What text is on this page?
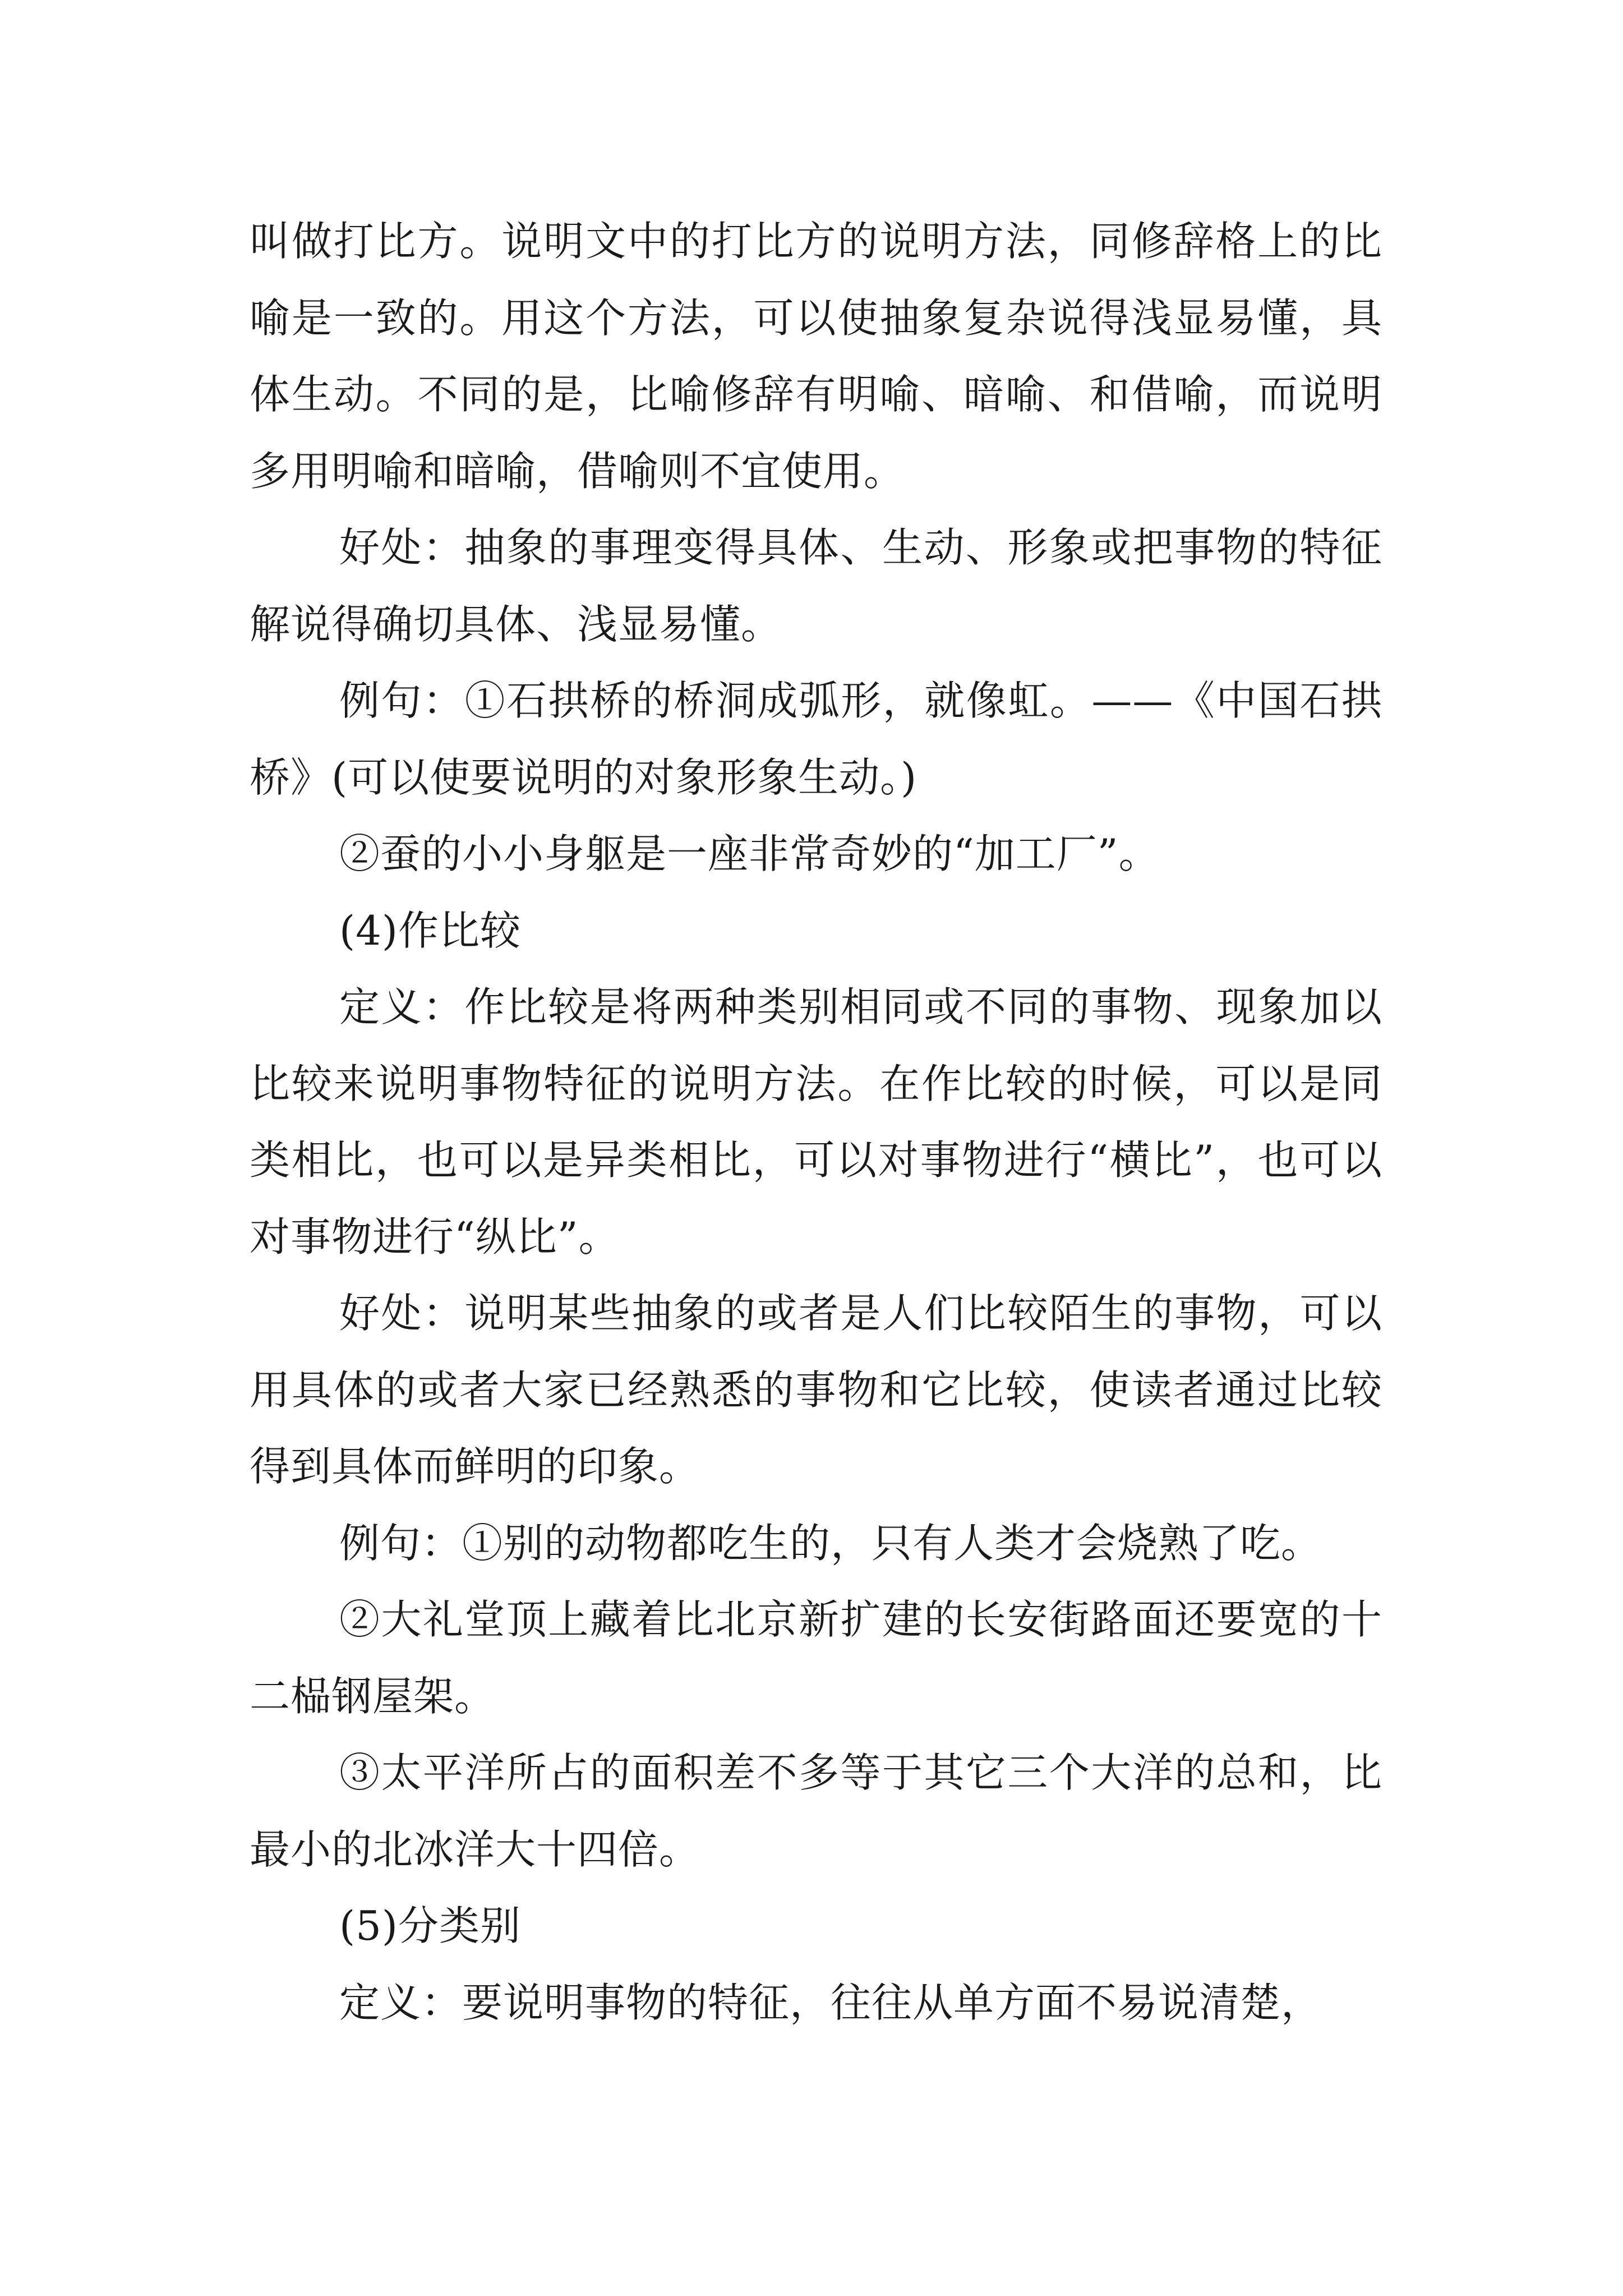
叫做打比方。说明文中的打比方的说明方法，同修辞格上的比喻是一致的。用这个方法，可以使抽象复杂说得浅显易懂，具体生动。不同的是，比喻修辞有明喻、暗喻、和借喻，而说明多用明喻和暗喻，借喻则不宜使用。

好处：抽象的事理变得具体、生动、形象或把事物的特征解说得确切具体、浅显易懂。

例句：①石拱桥的桥洞成弧形，就像虹。——《中国石拱桥》(可以使要说明的对象形象生动。)

②蚕的小小身躯是一座非常奇妙的“加工厂”。

(4)作比较

定义：作比较是将两种类别相同或不同的事物、现象加以比较来说明事物特征的说明方法。在作比较的时候，可以是同类相比，也可以是异类相比，可以对事物进行“横比”，也可以对事物进行“纵比”。

好处：说明某些抽象的或者是人们比较陌生的事物，可以用具体的或者大家已经熟悉的事物和它比较，使读者通过比较得到具体而鲜明的印象。

例句：①别的动物都吃生的，只有人类才会烧熟了吃。

②大礼堂顶上藏着比北京新扩建的长安街路面还要宽的十二榀钢屋架。

③太平洋所占的面积差不多等于其它三个大洋的总和，比最小的北冰洋大十四倍。

(5)分类别

定义：要说明事物的特征，往往从单方面不易说清楚，
